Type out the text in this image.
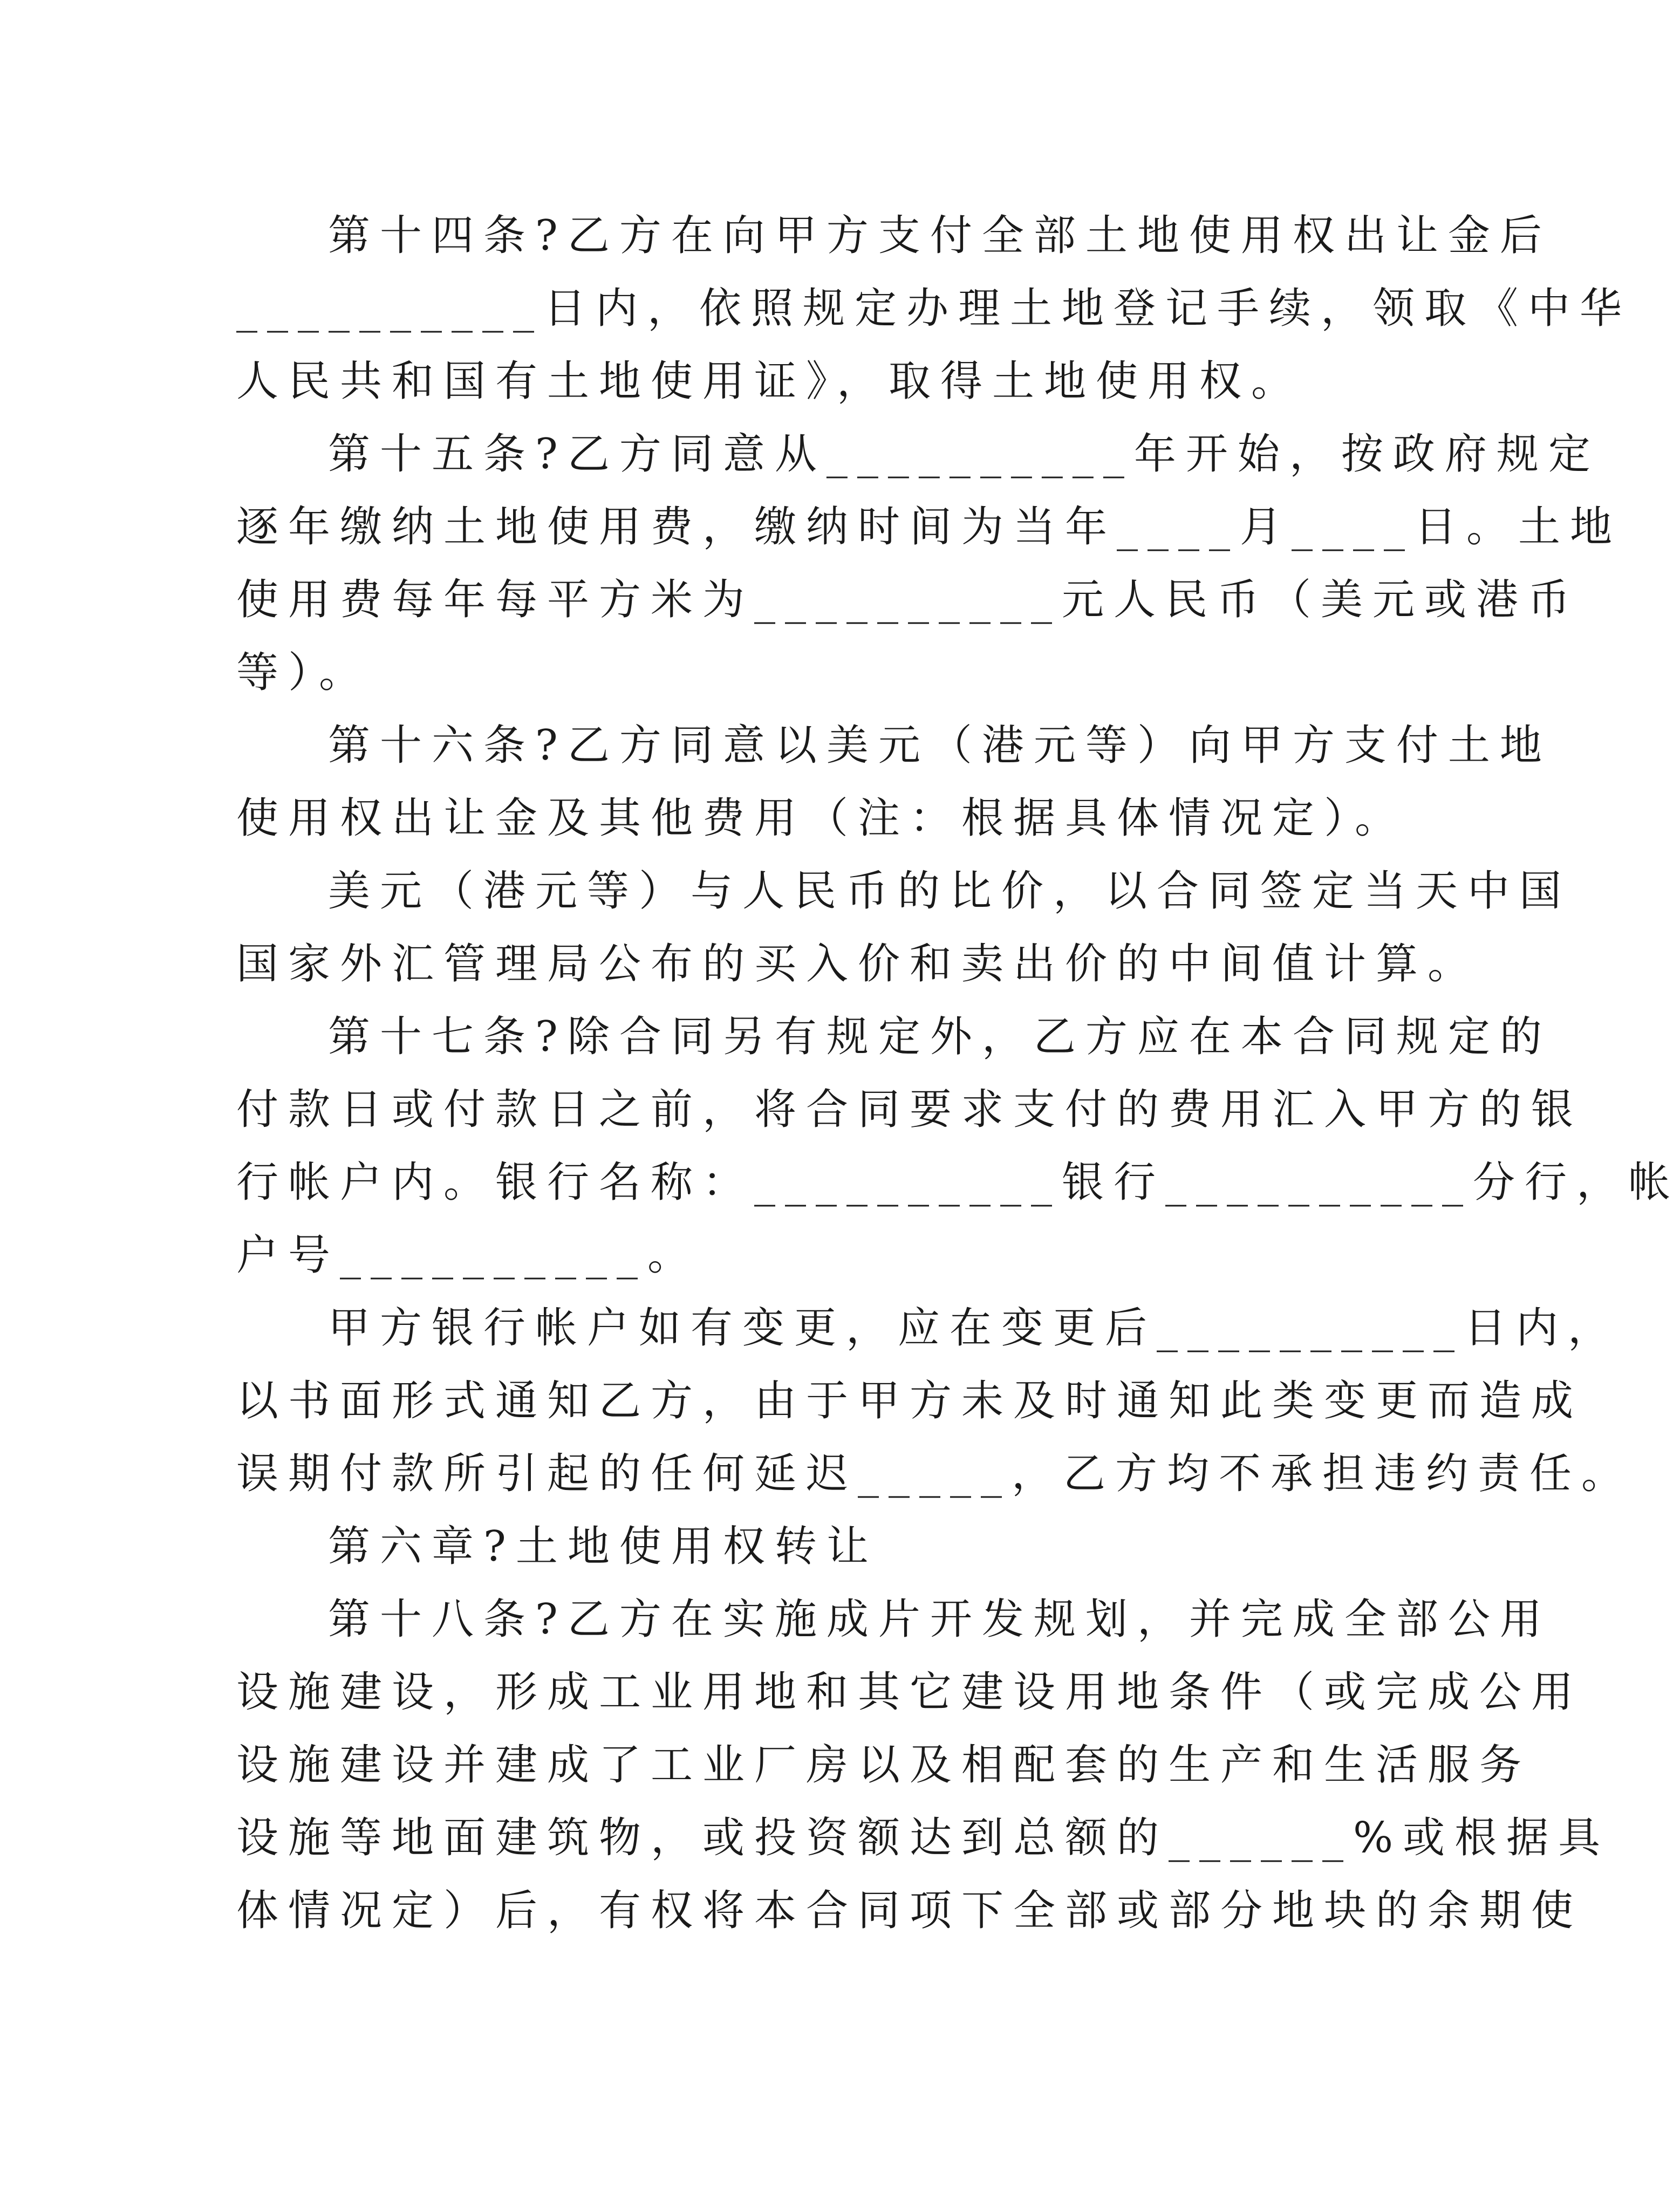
第十四条?乙方在向甲方支付全部土地使用权出让金后
__________日内，依照规定办理土地登记手续，领取《中华
人民共和国有土地使用证》，取得土地使用权。
第十五条?乙方同意从__________年开始，按政府规定
逐年缴纳土地使用费，缴纳时间为当年____月____日。土地
使用费每年每平方米为__________元人民币（美元或港币
等）。
第十六条?乙方同意以美元（港元等）向甲方支付土地
使用权出让金及其他费用（注：根据具体情况定）。
美元（港元等）与人民币的比价，以合同签定当天中国
国家外汇管理局公布的买入价和卖出价的中间值计算。
第十七条?除合同另有规定外，乙方应在本合同规定的
付款日或付款日之前，将合同要求支付的费用汇入甲方的银
行帐户内。银行名称：__________银行__________分行，帐
户号__________。
甲方银行帐户如有变更，应在变更后__________日内，
以书面形式通知乙方，由于甲方未及时通知此类变更而造成
误期付款所引起的任何延迟_____，乙方均不承担违约责任。
第六章?土地使用权转让
第十八条?乙方在实施成片开发规划，并完成全部公用
设施建设，形成工业用地和其它建设用地条件（或完成公用
设施建设并建成了工业厂房以及相配套的生产和生活服务
设施等地面建筑物，或投资额达到总额的______%或根据具
体情况定）后，有权将本合同项下全部或部分地块的余期使
